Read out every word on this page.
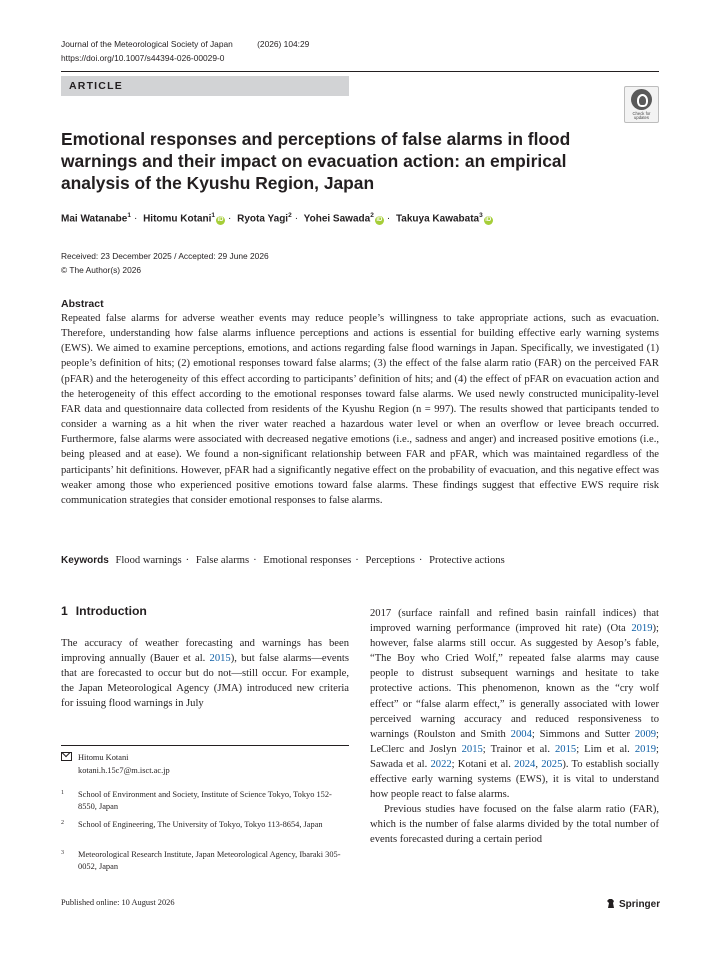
Journal of the Meteorological Society of Japan	(2026) 104:29
https://doi.org/10.1007/s44394-026-00029-0
ARTICLE
Check for
updates
Emotional responses and perceptions of false alarms in flood warnings and their impact on evacuation action: an empirical analysis of the Kyushu Region, Japan
Mai Watanabe$^1$ · Hitomu Kotani$^1$iD · Ryota Yagi$^2$ · Yohei Sawada$^2$iD · Takuya Kawabata$^3$iD
Received: 23 December 2025 / Accepted: 29 June 2026
© The Author(s) 2026
Abstract

Repeated false alarms for adverse weather events may reduce people’s willingness to take appropriate actions, such as evacuation. Therefore, understanding how false alarms influence perceptions and actions is essential for building effective early warning systems (EWS). We aimed to examine perceptions, emotions, and actions regarding false flood warnings in Japan. Specifically, we investigated (1) people’s definition of hits; (2) emotional responses toward false alarms; (3) the effect of the false alarm ratio (FAR) on the perceived FAR (pFAR) and the heterogeneity of this effect according to participants’ definition of hits; and (4) the effect of pFAR on evacuation action and the heterogeneity of this effect according to the emotional responses toward false alarms. We used newly constructed municipality-level FAR data and questionnaire data collected from residents of the Kyushu Region (n = 997). The results showed that participants tended to consider a warning as a hit when the river water reached a hazardous water level or when an overflow or levee breach occurred. Furthermore, false alarms were associated with decreased negative emotions (i.e., sadness and anger) and increased positive emotions (i.e., being pleased and at ease). We found a non-significant relationship between FAR and pFAR, which was maintained regardless of the participants’ hit definitions. However, pFAR had a significantly negative effect on the probability of evacuation, and this negative effect was weaker among those who experienced positive emotions toward false alarms. These findings suggest that effective EWS require risk communication strategies that consider emotional responses to false alarms.

Keywords Flood warnings · False alarms · Emotional responses · Perceptions · Protective actions
1 Introduction

The accuracy of weather forecasting and warnings has been improving annually (Bauer et al. 2015), but false alarms—events that are forecasted to occur but do not—still occur. For example, the Japan Meteorological Agency (JMA) introduced new criteria for issuing flood warnings in July

Hitomu Kotani
kotani.h.15c7@m.isct.ac.jp
1 School of Environment and Society, Institute of Science Tokyo, Tokyo 152-8550, Japan
2 School of Engineering, The University of Tokyo, Tokyo 113-8654, Japan
3 Meteorological Research Institute, Japan Meteorological Agency, Ibaraki 305-0052, Japan
Published online: 10 August 2026	Springer

2017 (surface rainfall and refined basin rainfall indices) that improved warning performance (improved hit rate) (Ota 2019); however, false alarms still occur. As suggested by Aesop’s fable, “The Boy who Cried Wolf,” repeated false alarms may cause people to distrust subsequent warnings and hesitate to take protective actions. This phenomenon, known as the “cry wolf effect” or “false alarm effect,” is generally associated with lower perceived warning accuracy and reduced responsiveness to warnings (Roulston and Smith 2004; Simmons and Sutter 2009; LeClerc and Joslyn 2015; Trainor et al. 2015; Lim et al. 2019; Sawada et al. 2022; Kotani et al. 2024, 2025). To establish socially effective early warning systems (EWS), it is vital to understand how people react to false alarms.

Previous studies have focused on the false alarm ratio (FAR), which is the number of false alarms divided by the total number of events forecasted during a certain period
